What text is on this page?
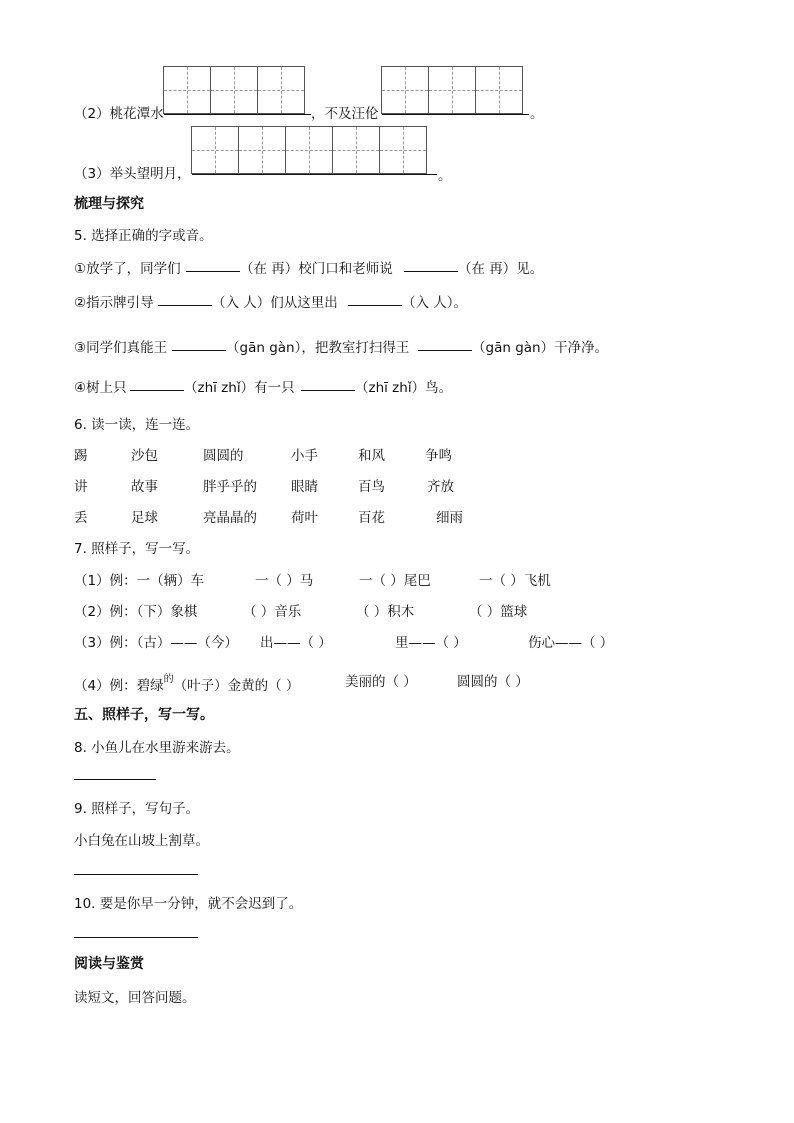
（2）桃花潭水	，不及汪伦	。
（3）举头望明月，	。
梳理与探究
5. 选择正确的字或音。
①放学了，同学们	（在 再）校门口和老师说	（在 再）见。
②指示牌引导	（入 人）们从这里出	（入 人）。
③同学们真能王	（gān gàn），把教室打扫得王	（gān gàn）干净净。
④树上只	（zhī zhǐ）有一只	（zhī zhǐ）鸟。
6. 读一读，连一连。
踢	沙包	圆圆的	小手	和风	争鸣
讲	故事	胖乎乎的	眼睛	百鸟	齐放
丢	足球	亮晶晶的	荷叶	百花	细雨
7. 照样子，写一写。
（1）例：一（辆）车	一（ ）马	一（ ）尾巴	一（ ）飞机
（2）例：（下）象棋	（ ）音乐	（ ）积木	（ ）篮球
（3）例：（古）——（今） 出——（ ）	里——（ ）	伤心——（ ）
（4）例：碧绿$^的$（叶子）金黄的（ ）	美丽的（ ）	圆圆的（ ）
五、照样子，写一写。
8. 小鱼儿在水里游来游去。
9. 照样子，写句子。
小白兔在山坡上割草。
10. 要是你早一分钟，就不会迟到了。
阅读与鉴赏
读短文，回答问题。
